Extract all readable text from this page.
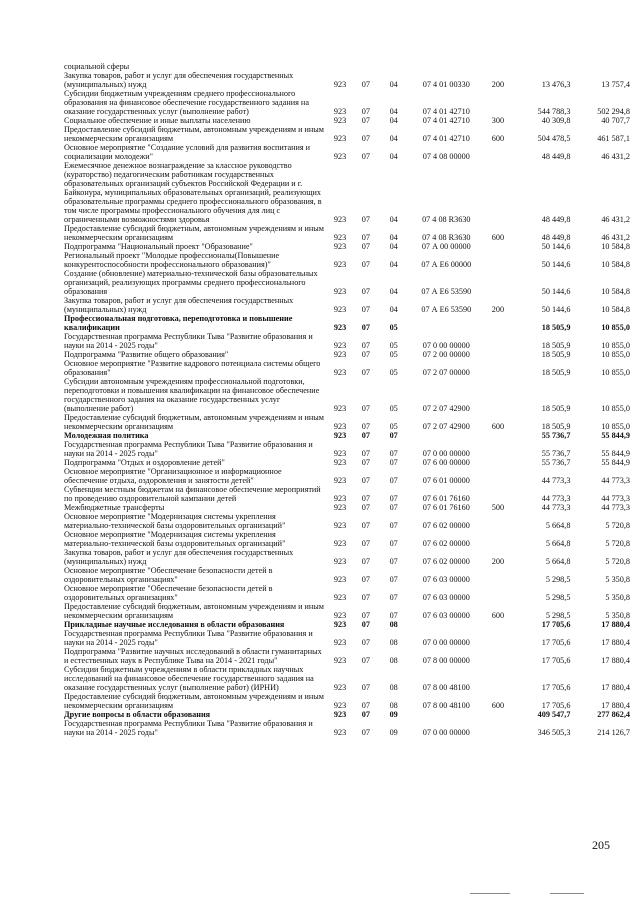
социальной сферы
Закупка товаров, работ и услуг для обеспечения государственных (муниципальных) нужд	923	07	04	07 4 01 00330	200	13 476,3	13 757,4
Субсидии бюджетным учреждениям среднего профессионального образования на финансовое обеспечение государственного задания на оказание государственных услуг (выполнение работ)	923	07	04	07 4 01 42710	544 788,3	502 294,8
Социальное обеспечение и иные выплаты населению	923	07	04	07 4 01 42710	300	40 309,8	40 707,7
Предоставление субсидий бюджетным, автономным учреждениям и иным некоммерческим организациям	923	07	04	07 4 01 42710	600	504 478,5	461 587,1
Основное мероприятие "Создание условий для развития воспитания и социализации молодежи"	923	07	04	07 4 08 00000	48 449,8	46 431,2
Ежемесячное денежное вознаграждение за классное руководство (кураторство) педагогическим работникам государственных образовательных организаций субъектов Российской Федерации и г. Байконура, муниципальных образовательных организаций, реализующих образовательные программы среднего профессионального образования, в том числе программы профессионального обучения для лиц с ограниченными возможностями здоровья	923	07	04	07 4 08 R3630	48 449,8	46 431,2
Предоставление субсидий бюджетным, автономным учреждениям и иным некоммерческим организациям	923	07	04	07 4 08 R3630	600	48 449,8	46 431,2
Подпрограмма "Национальный проект "Образование"	923	07	04	07 А 00 00000	50 144,6	10 584,8
Региональный проект "Молодые профессионалы(Повышение конкурентоспособности профессионального образования)"	923	07	04	07 А Е6 00000	50 144,6	10 584,8
Создание (обновление) материально-технической базы образовательных организаций, реализующих программы среднего профессионального образования	923	07	04	07 А Е6 53590	50 144,6	10 584,8
Закупка товаров, работ и услуг для обеспечения государственных (муниципальных) нужд	923	07	04	07 А Е6 53590	200	50 144,6	10 584,8
Профессиональная подготовка, переподготовка и повышение квалификации	923	07	05	18 505,9	10 855,0
Государственная программа Республики Тыва "Развитие образования и науки на 2014 - 2025 годы"	923	07	05	07 0 00 00000	18 505,9	10 855,0
Подпрограмма "Развитие общего образования"	923	07	05	07 2 00 00000	18 505,9	10 855,0
Основное мероприятие "Развитие кадрового потенциала системы общего образования"	923	07	05	07 2 07 00000	18 505,9	10 855,0
Субсидии автономным учреждениям профессиональной подготовки, переподготовки и повышения квалификации на финансовое обеспечение государственного задания на оказание государственных услуг (выполнение работ)	923	07	05	07 2 07 42900	18 505,9	10 855,0
Предоставление субсидий бюджетным, автономным учреждениям и иным некоммерческим организациям	923	07	05	07 2 07 42900	600	18 505,9	10 855,0
Молодежная политика	923	07	07	55 736,7	55 844,9
Государственная программа Республики Тыва "Развитие образования и науки на 2014 - 2025 годы"	923	07	07	07 0 00 00000	55 736,7	55 844,9
Подпрограмма "Отдых и оздоровление детей"	923	07	07	07 6 00 00000	55 736,7	55 844,9
Основное мероприятие "Организационное и информационное обеспечение отдыха, оздоровления и занятости детей"	923	07	07	07 6 01 00000	44 773,3	44 773,3
Субвенции местным бюджетам на финансовое обеспечение мероприятий по проведению оздоровительной кампании детей	923	07	07	07 6 01 76160	44 773,3	44 773,3
Межбюджетные трансферты	923	07	07	07 6 01 76160	500	44 773,3	44 773,3
Основное мероприятие "Модернизация системы укрепления материально-технической базы оздоровительных организаций"	923	07	07	07 6 02 00000	5 664,8	5 720,8
Основное мероприятие "Модернизация системы укрепления материально-технической базы оздоровительных организаций"	923	07	07	07 6 02 00000	5 664,8	5 720,8
Закупка товаров, работ и услуг для обеспечения государственных (муниципальных) нужд	923	07	07	07 6 02 00000	200	5 664,8	5 720,8
Основное мероприятие "Обеспечение безопасности детей в оздоровительных организациях"	923	07	07	07 6 03 00000	5 298,5	5 350,8
Основное мероприятие "Обеспечение безопасности детей в оздоровительных организациях"	923	07	07	07 6 03 00000	5 298,5	5 350,8
Предоставление субсидий бюджетным, автономным учреждениям и иным некоммерческим организациям	923	07	07	07 6 03 00000	600	5 298,5	5 350,8
Прикладные научные исследования в области образования	923	07	08	17 705,6	17 880,4
Государственная программа Республики Тыва "Развитие образования и науки на 2014 - 2025 годы"	923	07	08	07 0 00 00000	17 705,6	17 880,4
Подпрограмма "Развитие научных исследований в области гуманитарных и естественных наук в Республике Тыва на 2014 - 2021 годы"	923	07	08	07 8 00 00000	17 705,6	17 880,4
Субсидии бюджетным учреждениям в области прикладных научных исследований на финансовое обеспечение государственного задания на оказание государственных услуг (выполнение работ) (ИРНИ)	923	07	08	07 8 00 48100	17 705,6	17 880,4
Предоставление субсидий бюджетным, автономным учреждениям и иным некоммерческим организациям	923	07	08	07 8 00 48100	600	17 705,6	17 880,4
Другие вопросы в области образования	923	07	09	409 547,7	277 862,4
Государственная программа Республики Тыва "Развитие образования и науки на 2014 - 2025 годы"	923	07	09	07 0 00 00000	346 505,3	214 126,7
205
